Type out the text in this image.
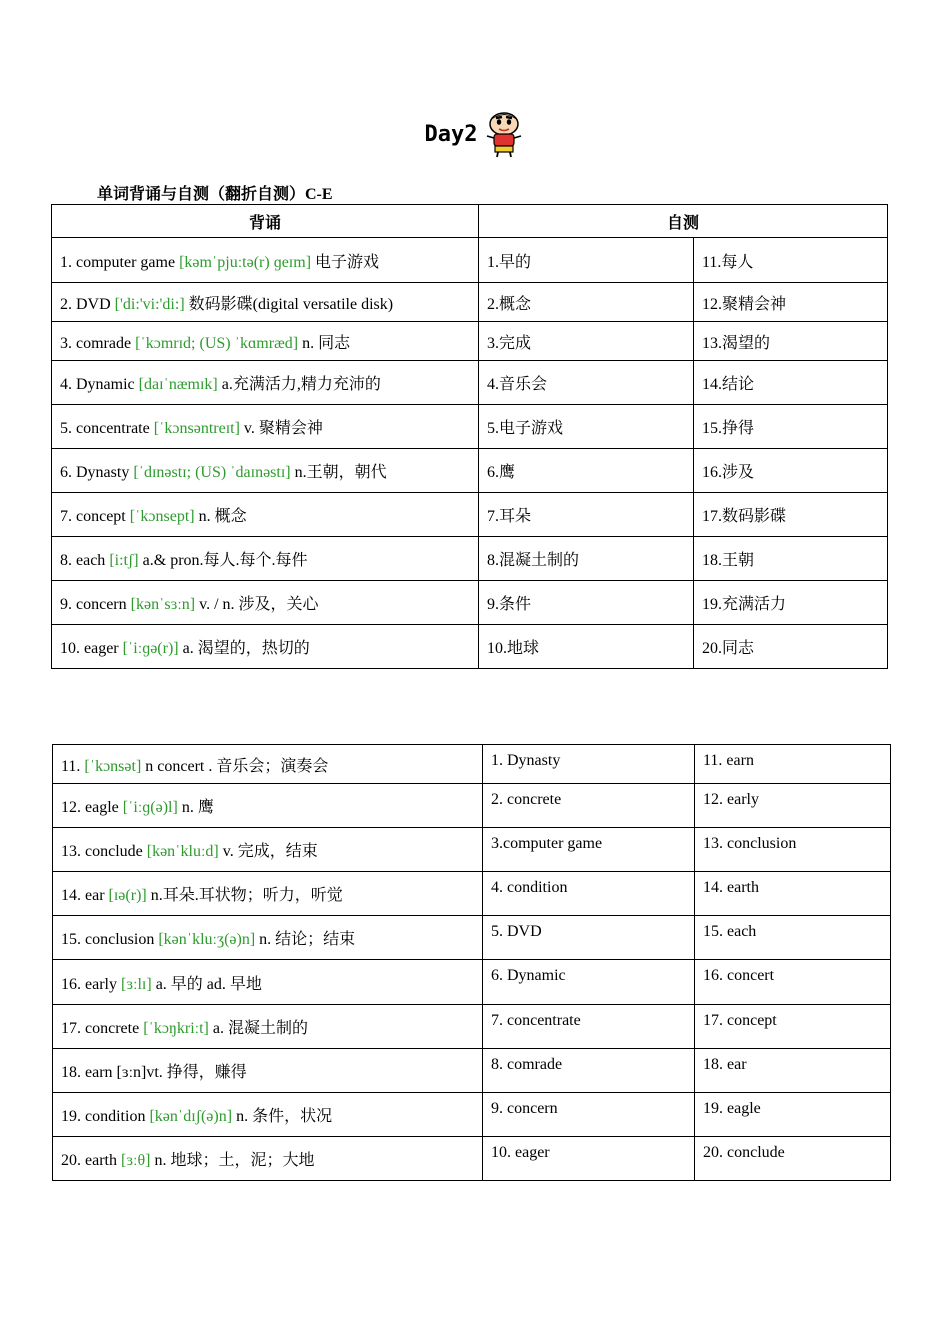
Day2
单词背诵与自测（翻折自测）C-E
背诵	自测	
1. computer game [kəmˈpjuːtə(r) ɡeɪm] 电子游戏	1.早的	11.每人
2. DVD ['di:'vi:'di:] 数码影碟(digital versatile disk)	2.概念	12.聚精会神
3. comrade [ˈkɔmrɪd; (US) ˈkɑmræd] n. 同志	3.完成	13.渴望的
4. Dynamic [daɪˈnæmɪk] a.充满活力,精力充沛的	4.音乐会	14.结论
5. concentrate [ˈkɔnsəntreɪt] v. 聚精会神	5.电子游戏	15.挣得
6. Dynasty [ˈdɪnəstɪ; (US) ˈdaɪnəstɪ] n.王朝，朝代	6.鹰	16.涉及
7. concept [ˈkɔnsept] n. 概念	7.耳朵	17.数码影碟
8. each [i:tʃ] a.& pron.每人.每个.每件	8.混凝土制的	18.王朝
9. concern [kənˈsɜːn] v. / n. 涉及，关心	9.条件	19.充满活力
10. eager [ˈiːɡə(r)] a. 渴望的，热切的	10.地球	20.同志
11. [ˈkɔnsət] n concert . 音乐会；演奏会	1. Dynasty	11. earn
12. eagle [ˈiːɡ(ə)l] n. 鹰	2. concrete	12. early
13. conclude [kənˈkluːd] v. 完成，结束	3.computer game	13. conclusion
14. ear [ɪə(r)] n.耳朵.耳状物；听力，听觉	4. condition	14. earth
15. conclusion [kənˈkluːʒ(ə)n] n. 结论；结束	5. DVD	15. each
16. early [ɜːlɪ] a. 早的 ad. 早地	6. Dynamic	16. concert
17. concrete [ˈkɔŋkriːt] a. 混凝土制的	7. concentrate	17. concept
18. earn [ɜːn]vt. 挣得，赚得	8. comrade	18. ear
19. condition [kənˈdɪʃ(ə)n] n. 条件，状况	9. concern	19. eagle
20. earth [ɜːθ] n. 地球；土，泥；大地	10. eager	20. conclude
